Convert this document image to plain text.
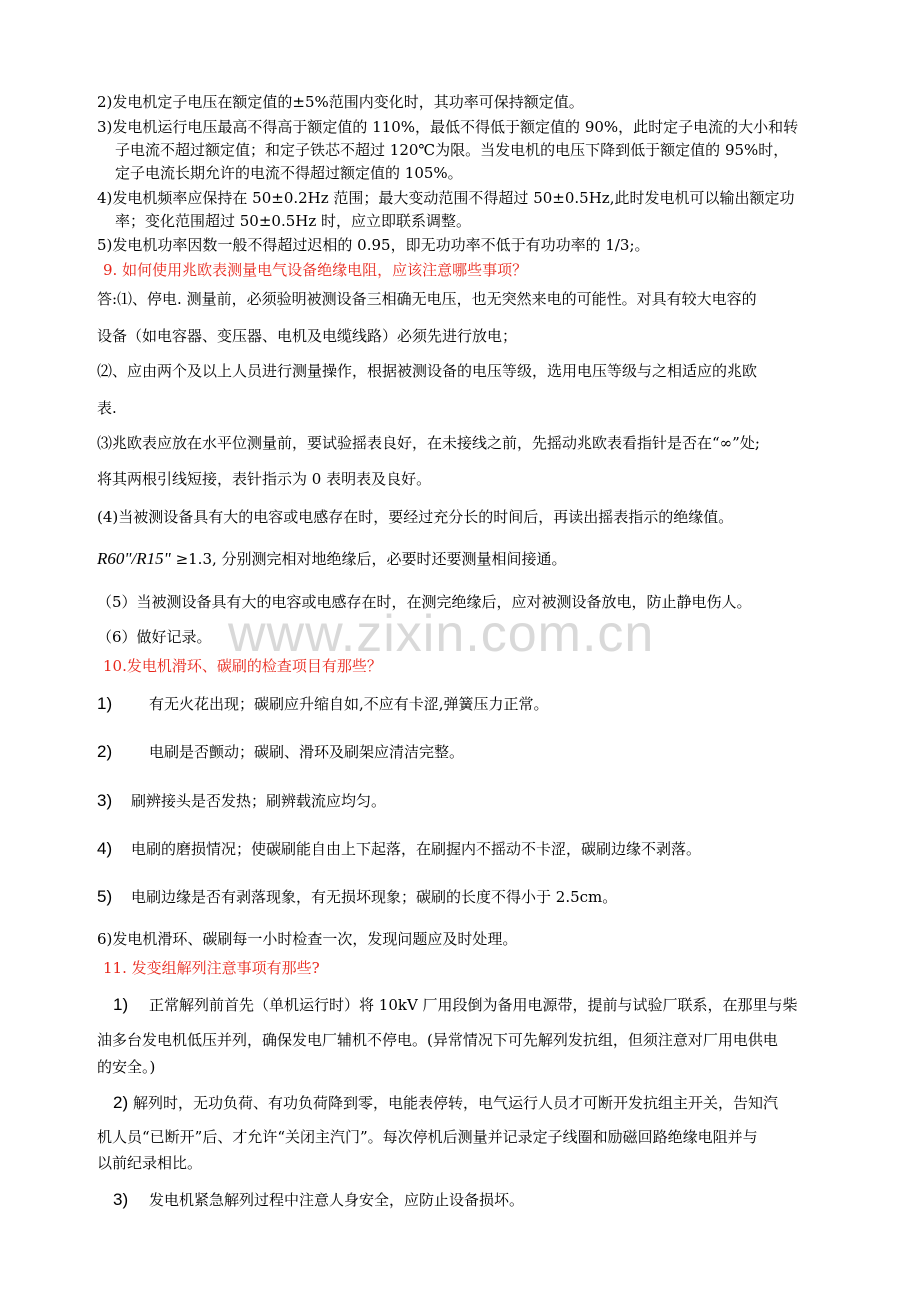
www.zixin.com.cn
2)发电机定子电压在额定值的±5%范围内变化时，其功率可保持额定值。
3)发电机运行电压最高不得高于额定值的 110%，最低不得低于额定值的 90%，此时定子电流的大小和转
子电流不超过额定值；和定子铁芯不超过 120℃为限。当发电机的电压下降到低于额定值的 95%时，
定子电流长期允许的电流不得超过额定值的 105%。
4)发电机频率应保持在 50±0.2Hz 范围；最大变动范围不得超过 50±0.5Hz,此时发电机可以输出额定功
率；变化范围超过 50±0.5Hz 时，应立即联系调整。
5)发电机功率因数一般不得超过迟相的 0.95，即无功功率不低于有功功率的 1/3;。
9. 如何使用兆欧表测量电气设备绝缘电阻，应该注意哪些事项？
答:⑴、停电. 测量前，必须验明被测设备三相确无电压，也无突然来电的可能性。对具有较大电容的
设备（如电容器、变压器、电机及电缆线路）必须先进行放电；
⑵、应由两个及以上人员进行测量操作，根据被测设备的电压等级，选用电压等级与之相适应的兆欧
表.
⑶兆欧表应放在水平位测量前，要试验摇表良好，在未接线之前，先摇动兆欧表看指针是否在“∞”处;
将其两根引线短接，表针指示为 0 表明表及良好。
(4)当被测设备具有大的电容或电感存在时，要经过充分长的时间后，再读出摇表指示的绝缘值。
R60"/R15" ≥1.3, 分别测完相对地绝缘后，必要时还要测量相间接通。
（5）当被测设备具有大的电容或电感存在时，在测完绝缘后，应对被测设备放电，防止静电伤人。
（6）做好记录。
10.发电机滑环、碳刷的检查项目有那些？
1) 有无火花出现；碳刷应升缩自如,不应有卡涩,弹簧压力正常。
2) 电刷是否颤动；碳刷、滑环及刷架应清洁完整。
3) 刷辨接头是否发热；刷辨载流应均匀。
4) 电刷的磨损情况；使碳刷能自由上下起落，在刷握内不摇动不卡涩，碳刷边缘不剥落。
5) 电刷边缘是否有剥落现象，有无损坏现象；碳刷的长度不得小于 2.5cm。
6)发电机滑环、碳刷每一小时检查一次，发现问题应及时处理。
11. 发变组解列注意事项有那些?
1) 正常解列前首先（单机运行时）将 10kV 厂用段倒为备用电源带，提前与试验厂联系，在那里与柴
油多台发电机低压并列，确保发电厂辅机不停电。(异常情况下可先解列发抗组，但须注意对厂用电供电
的安全。)
2) 解列时，无功负荷、有功负荷降到零，电能表停转，电气运行人员才可断开发抗组主开关，告知汽
机人员“已断开”后、才允许“关闭主汽门”。每次停机后测量并记录定子线圈和励磁回路绝缘电阻并与
以前纪录相比。
3) 发电机紧急解列过程中注意人身安全，应防止设备损坏。
